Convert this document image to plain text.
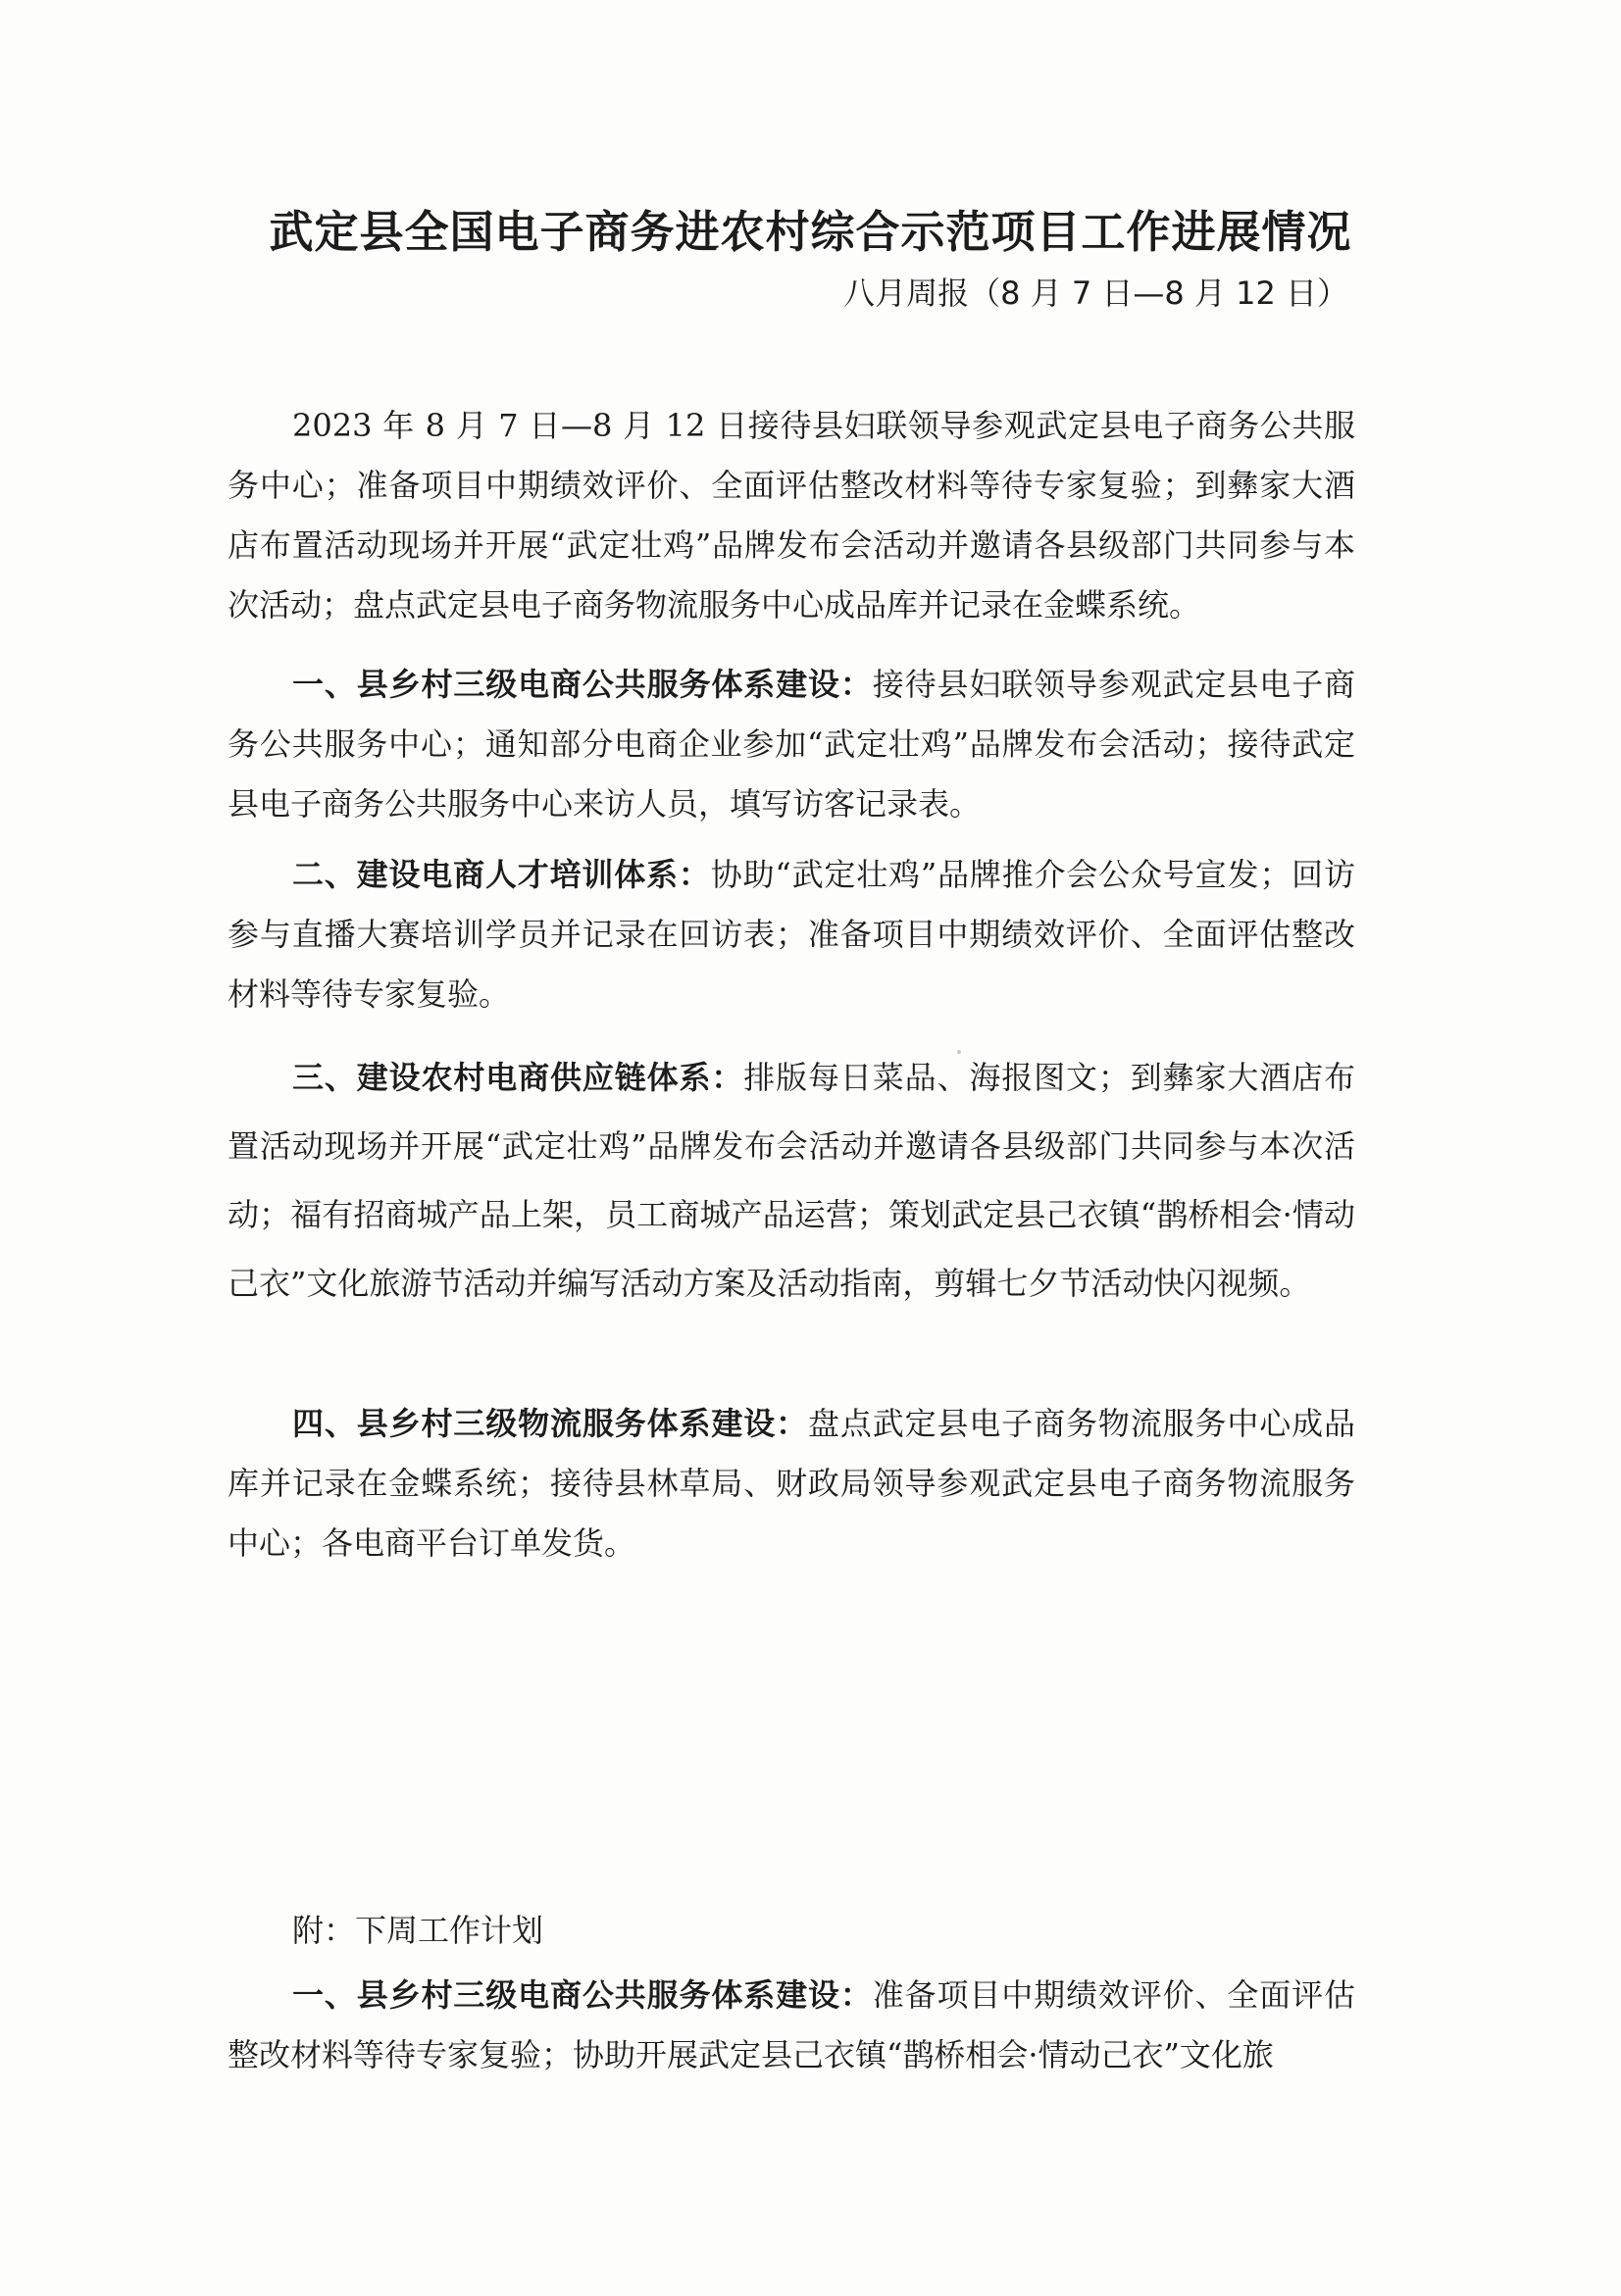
武定县全国电子商务进农村综合示范项目工作进展情况

八月周报（8 月 7 日—8 月 12 日）

2023 年 8 月 7 日—8 月 12 日接待县妇联领导参观武定县电子商务公共服务中心；准备项目中期绩效评价、全面评估整改材料等待专家复验；到彝家大酒店布置活动现场并开展“武定壮鸡”品牌发布会活动并邀请各县级部门共同参与本次活动；盘点武定县电子商务物流服务中心成品库并记录在金蝶系统。

一、县乡村三级电商公共服务体系建设：接待县妇联领导参观武定县电子商务公共服务中心；通知部分电商企业参加“武定壮鸡”品牌发布会活动；接待武定县电子商务公共服务中心来访人员，填写访客记录表。

二、建设电商人才培训体系：协助“武定壮鸡”品牌推介会公众号宣发；回访参与直播大赛培训学员并记录在回访表；准备项目中期绩效评价、全面评估整改材料等待专家复验。

三、建设农村电商供应链体系：排版每日菜品、海报图文；到彝家大酒店布置活动现场并开展“武定壮鸡”品牌发布会活动并邀请各县级部门共同参与本次活动；福有招商城产品上架，员工商城产品运营；策划武定县己衣镇“鹊桥相会·情动己衣”文化旅游节活动并编写活动方案及活动指南，剪辑七夕节活动快闪视频。

四、县乡村三级物流服务体系建设：盘点武定县电子商务物流服务中心成品库并记录在金蝶系统；接待县林草局、财政局领导参观武定县电子商务物流服务中心；各电商平台订单发货。

附：下周工作计划

一、县乡村三级电商公共服务体系建设：准备项目中期绩效评价、全面评估整改材料等待专家复验；协助开展武定县己衣镇“鹊桥相会·情动己衣”文化旅
